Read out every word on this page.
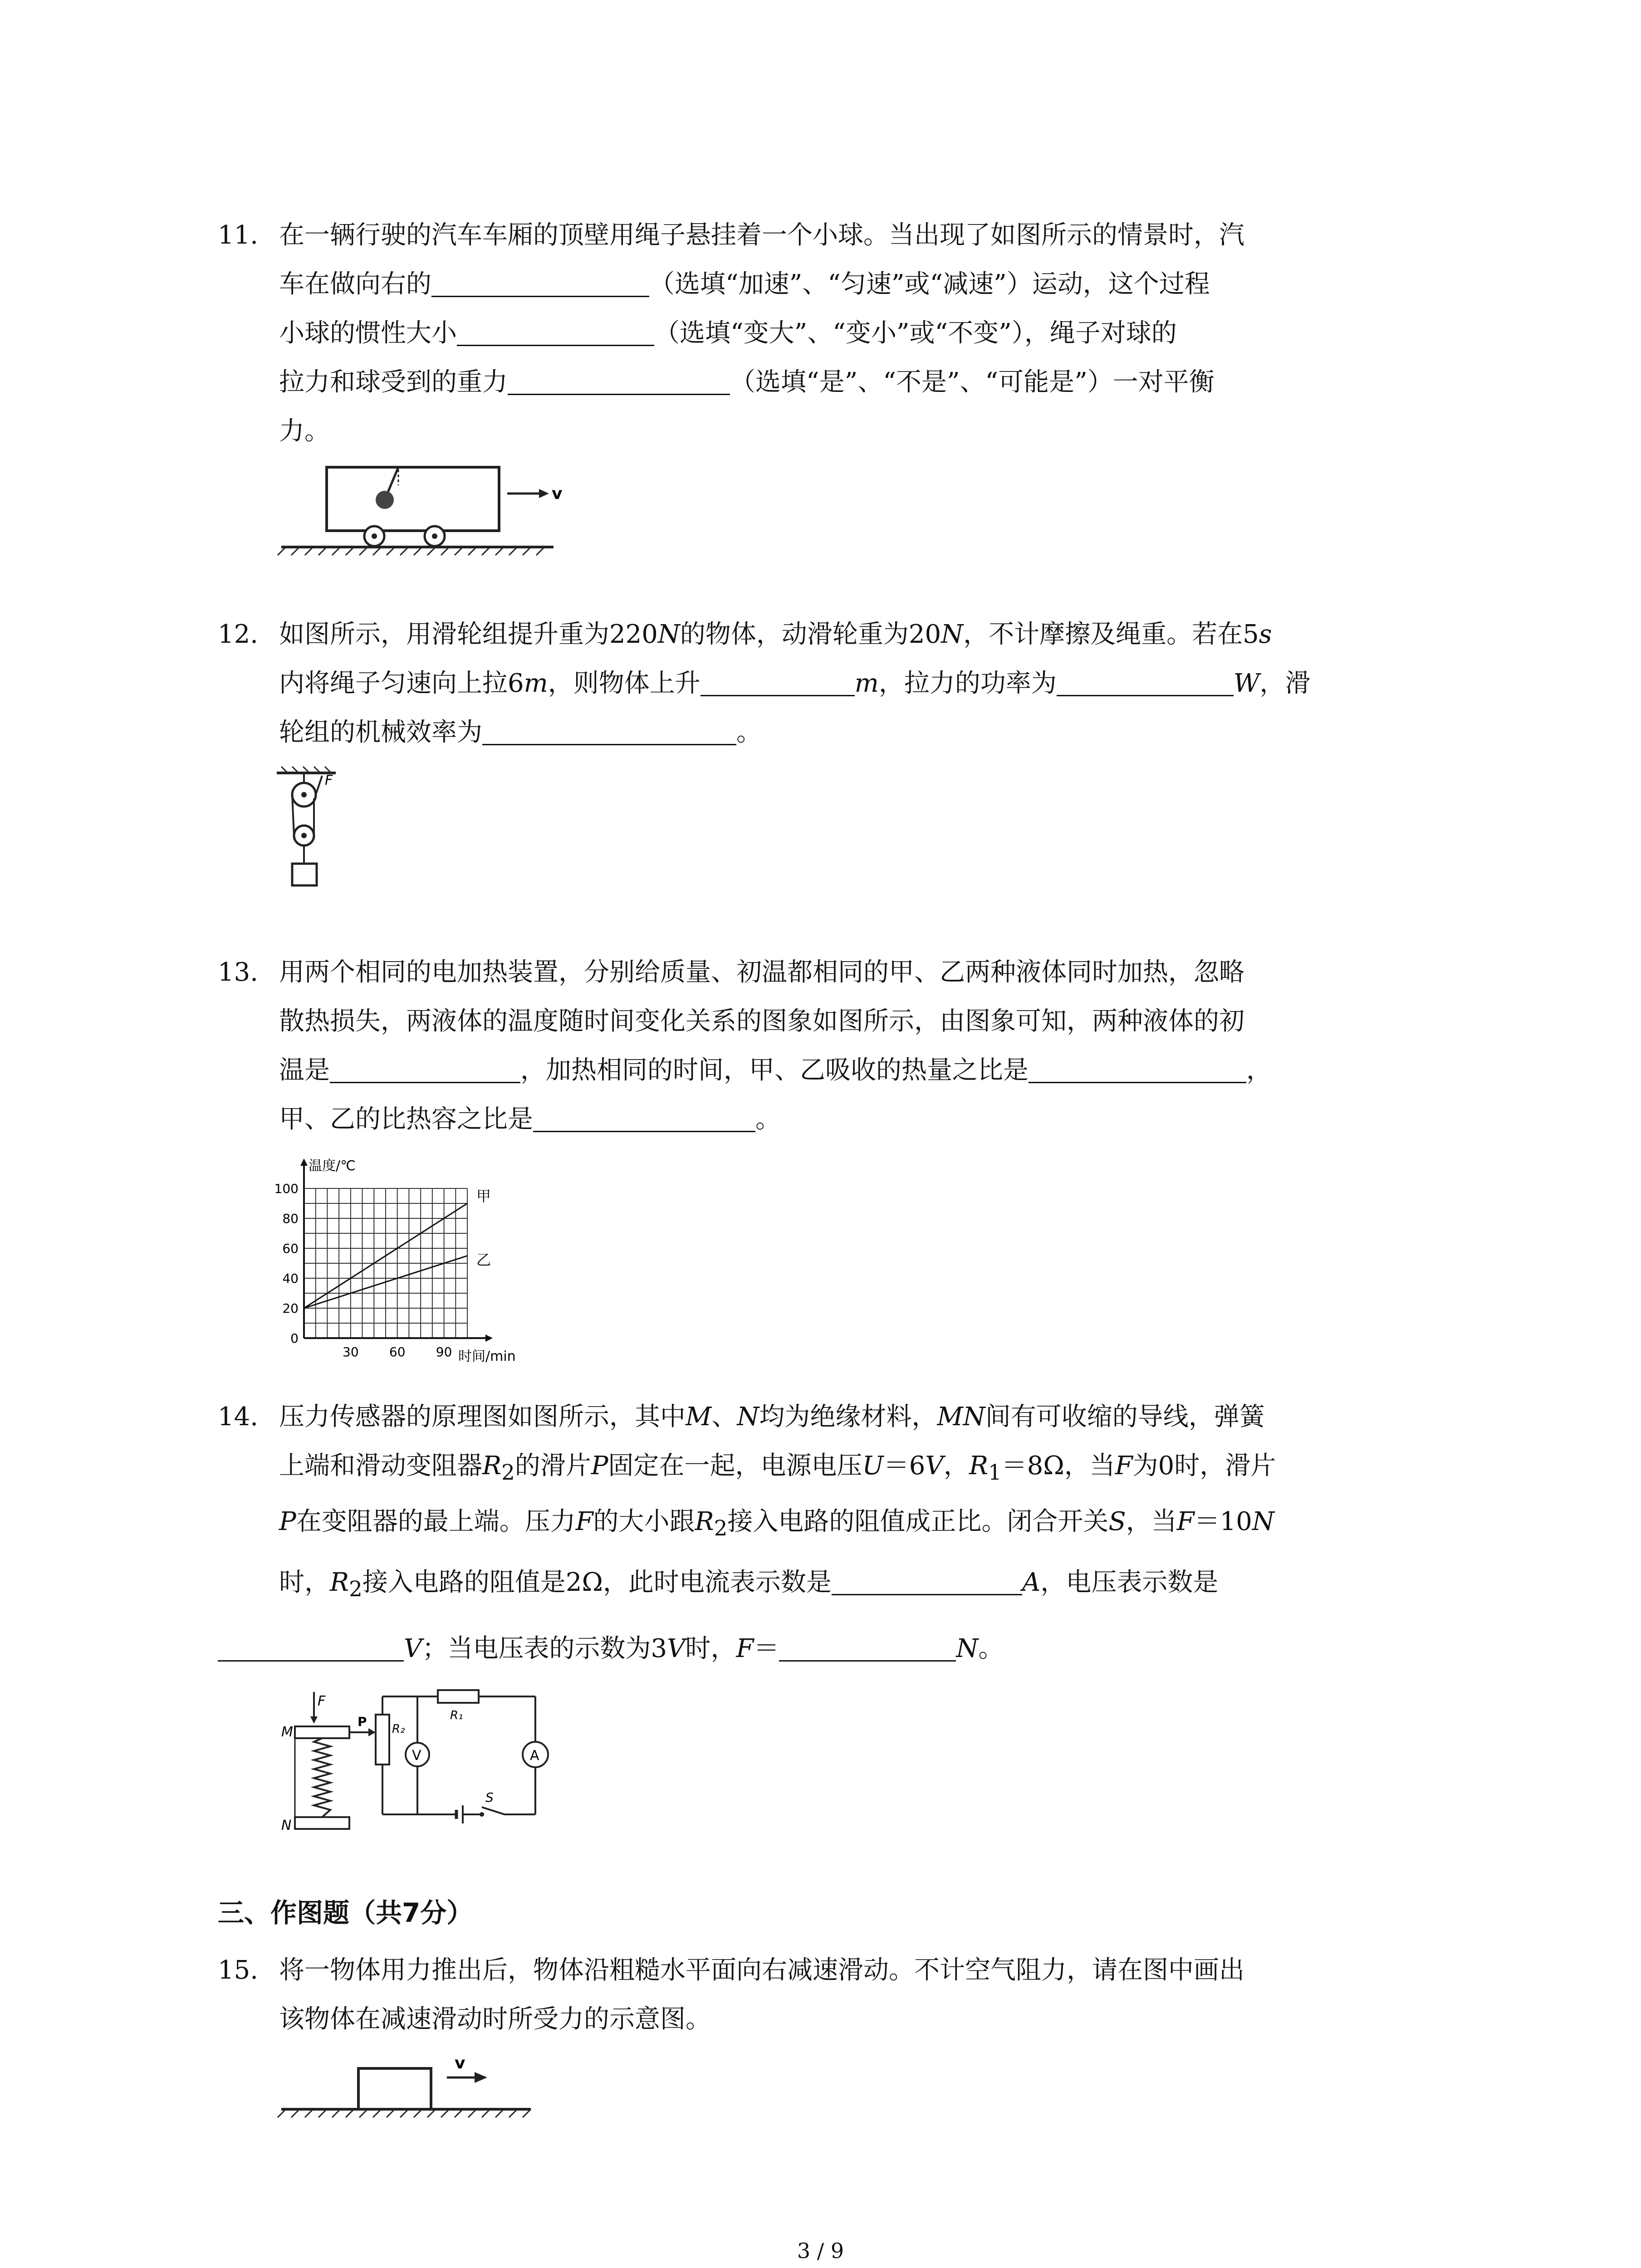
11. 在一辆行驶的汽车车厢的顶壁用绳子悬挂着一个小球。当出现了如图所示的情景时，汽
车在做向右的	（选填“加速”、“匀速”或“减速”）运动，这个过程
小球的惯性大小	（选填“变大”、“变小”或“不变”），绳子对球的
拉力和球受到的重力	（选填“是”、“不是”、“可能是”）一对平衡
力。
v
12. 如图所示，用滑轮组提升重为220N的物体，动滑轮重为20N，不计摩擦及绳重。若在5s
内将绳子匀速向上拉6m，则物体上升	m，拉力的功率为	W，滑
轮组的机械效率为	。
F
13. 用两个相同的电加热装置，分别给质量、初温都相同的甲、乙两种液体同时加热，忽略
散热损失，两液体的温度随时间变化关系的图象如图所示，由图象可知，两种液体的初
温是	，加热相同的时间，甲、乙吸收的热量之比是	，
甲、乙的比热容之比是	。
0
20
40
60
80
100
30 60 90
甲
乙
温度/℃
时间/min
14. 压力传感器的原理图如图所示，其中M、N均为绝缘材料，MN间有可收缩的导线，弹簧
上端和滑动变阻器$R_2$的滑片P固定在一起，电源电压U＝6V，$R_1=8\Omega$，当F为0时，滑片
P在变阻器的最上端。压力F的大小跟$R_2$接入电路的阻值成正比。闭合开关S，当F＝10N
时，$R_2$接入电路的阻值是2Ω，此时电流表示数是	A，电压表示数是
V；当电压表的示数为3V时，F＝	N。
F
M
N
P R₂
R₁
A
S
V
三、作图题（共7分）
15. 将一物体用力推出后，物体沿粗糙水平面向右减速滑动。不计空气阻力，请在图中画出
该物体在减速滑动时所受力的示意图。
v
3 / 9
